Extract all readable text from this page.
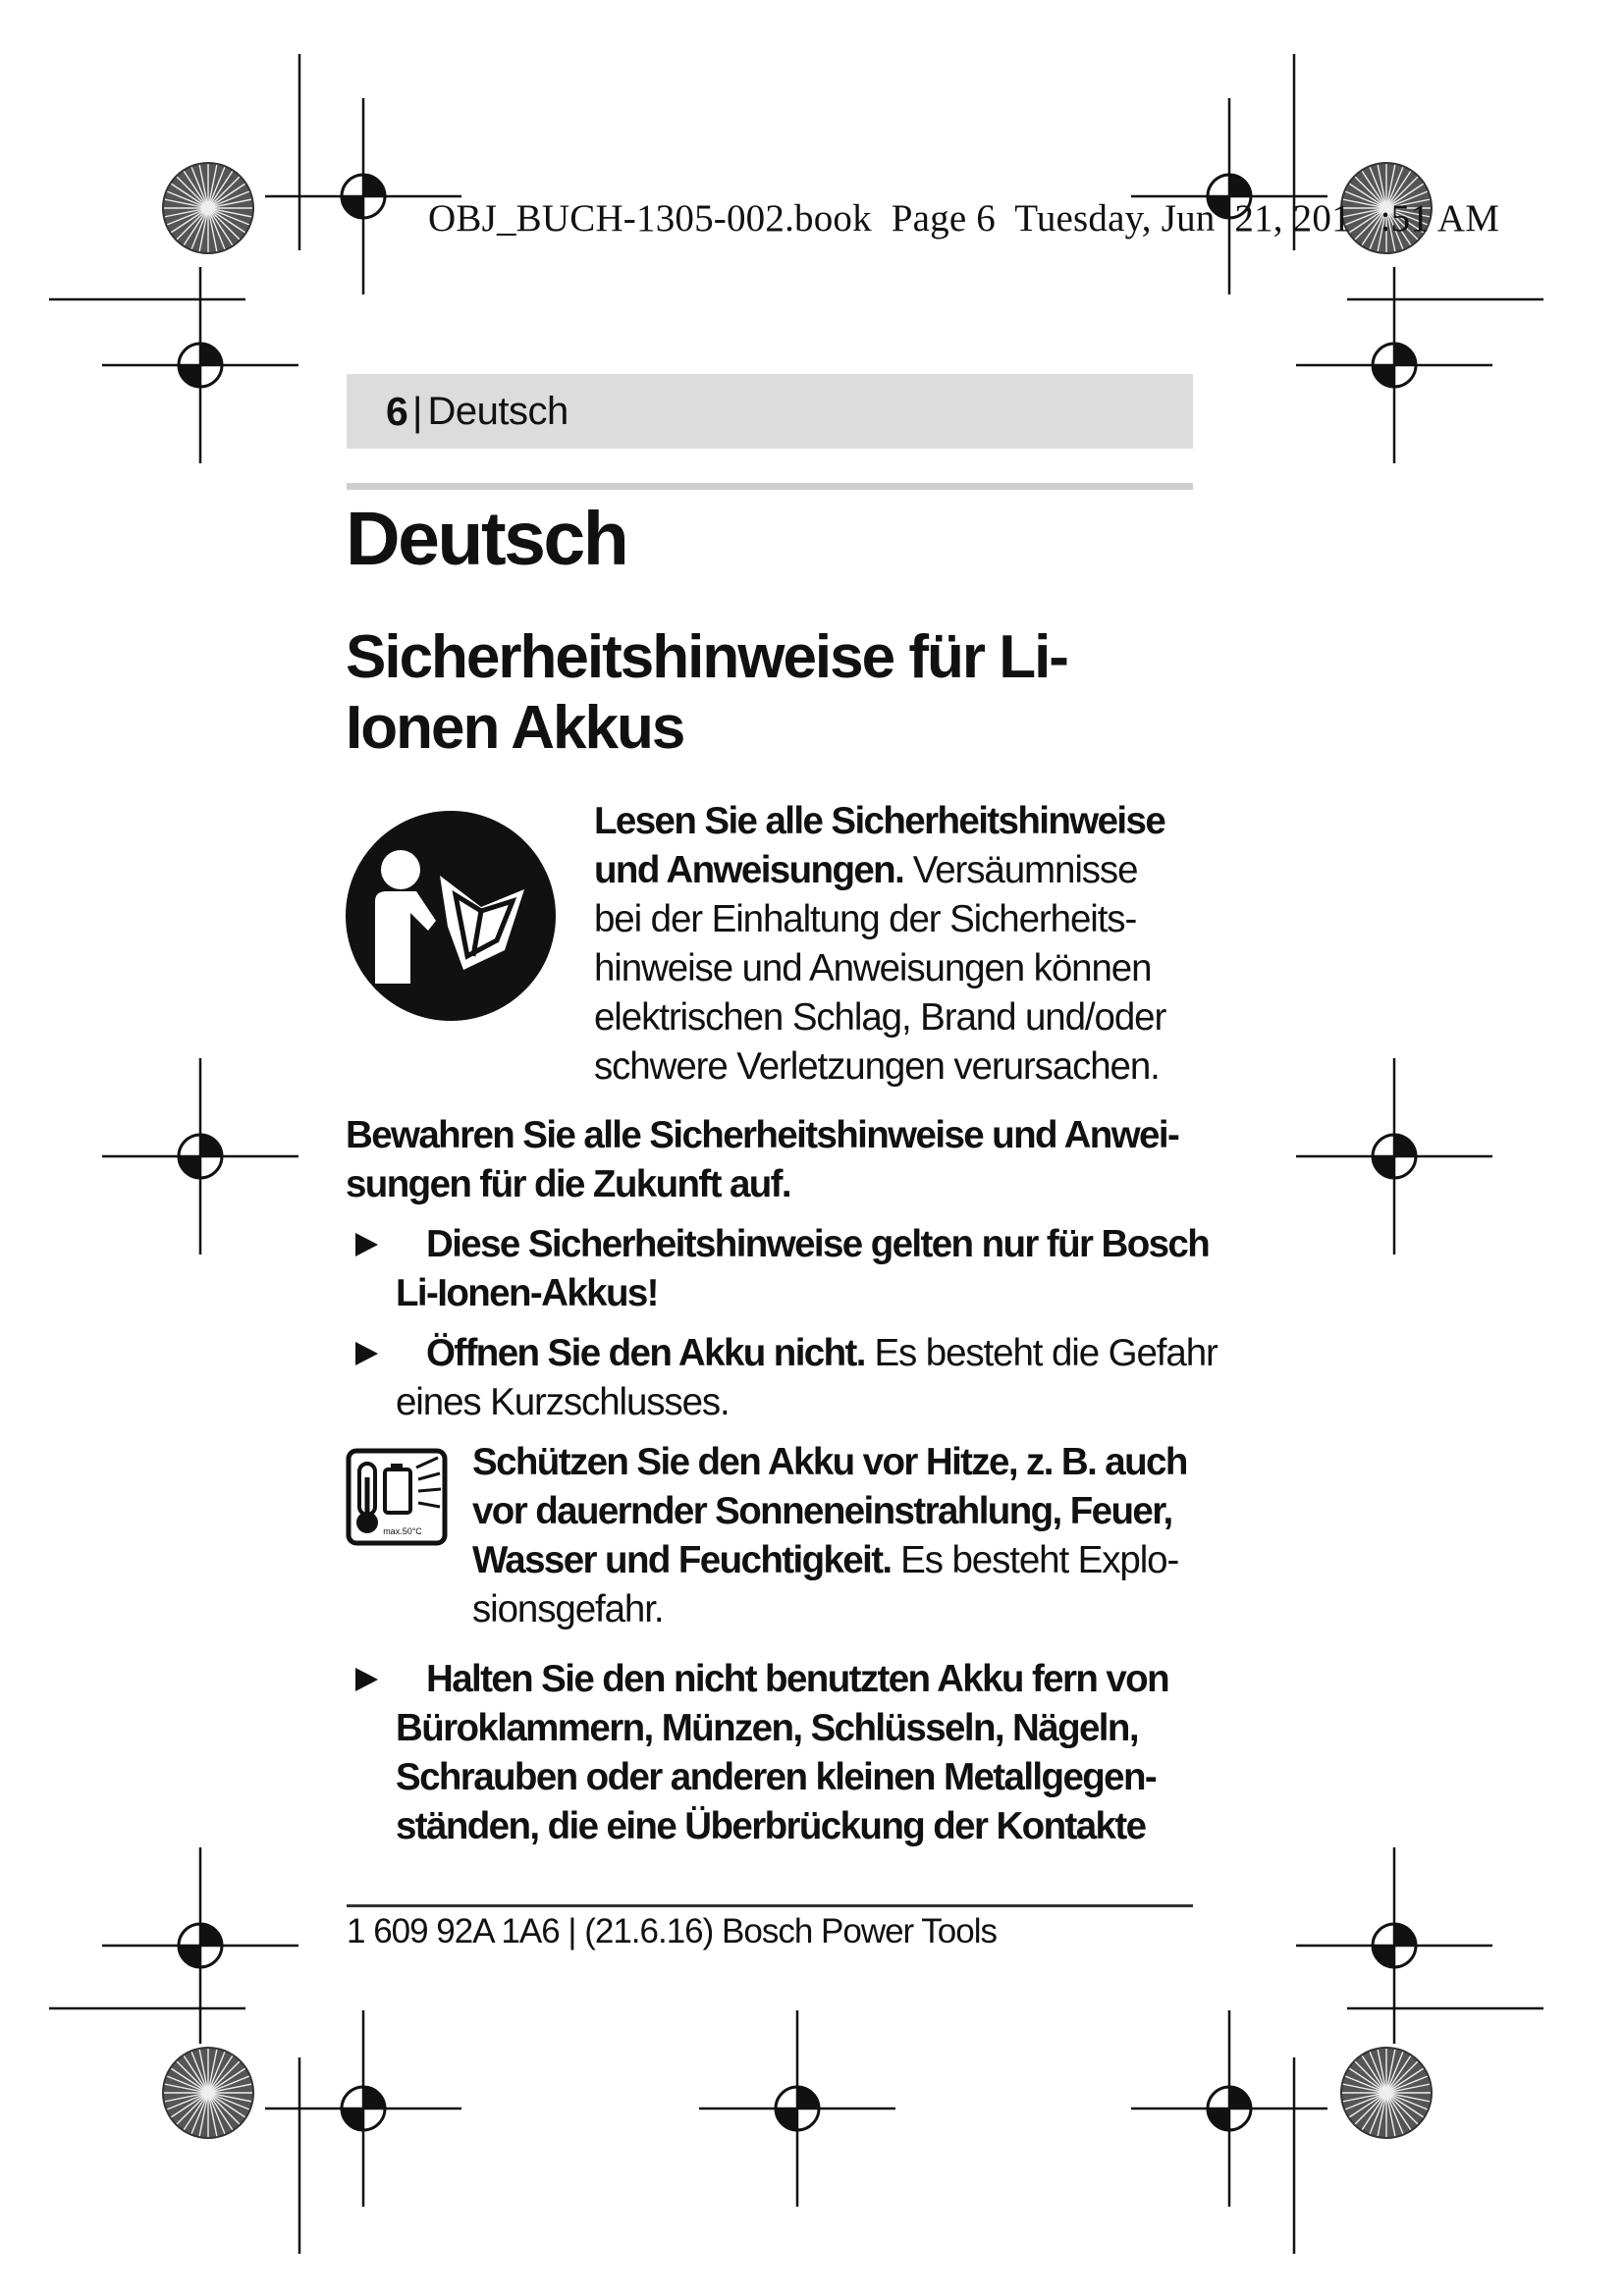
OBJ_BUCH-1305-002.book  Page 6  Tuesday, Jun  21, 201   :51 AM
6 | Deutsch
Deutsch
Sicherheitshinweise für Li-Ionen Akkus

Lesen Sie alle Sicherheitshinweise und Anweisungen. Versäumnisse bei der Einhaltung der Sicherheitshinweise und Anweisungen können elektrischen Schlag, Brand und/oder schwere Verletzungen verursachen.

Bewahren Sie alle Sicherheitshinweise und Anweisungen für die Zukunft auf.

Diese Sicherheitshinweise gelten nur für Bosch Li-Ionen-Akkus!

Öffnen Sie den Akku nicht. Es besteht die Gefahr eines Kurzschlusses.

max.50°C

Schützen Sie den Akku vor Hitze, z. B. auch vor dauernder Sonneneinstrahlung, Feuer, Wasser und Feuchtigkeit. Es besteht Explosionsgefahr.

Halten Sie den nicht benutzten Akku fern von Büroklammern, Münzen, Schlüsseln, Nägeln, Schrauben oder anderen kleinen Metallgegenständen, die eine Überbrückung der Kontakte

1 609 92A 1A6 | (21.6.16) Bosch Power Tools
